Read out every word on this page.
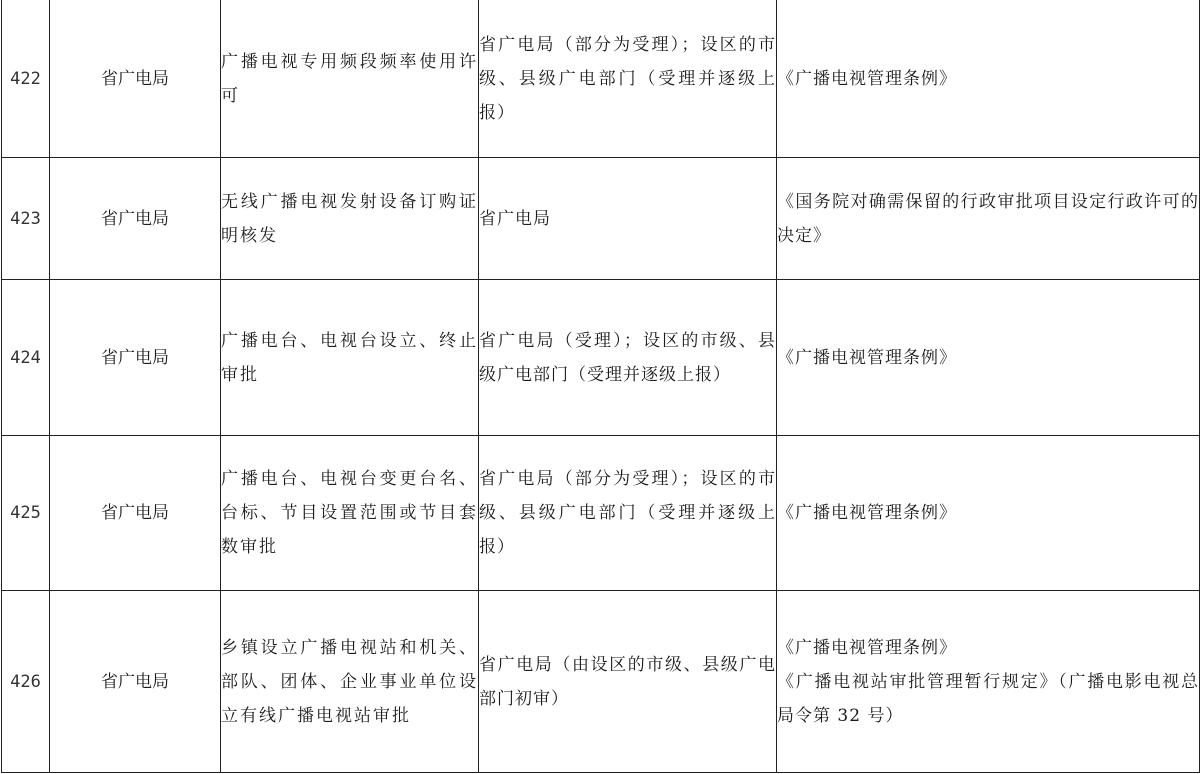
422	省广电局	广播电视专用频段频率使用许可	省广电局（部分为受理）；设区的市级、县级广电部门（受理并逐级上报）	《广播电视管理条例》

423	省广电局	无线广播电视发射设备订购证明核发	省广电局	《国务院对确需保留的行政审批项目设定行政许可的决定》

424	省广电局	广播电台、电视台设立、终止审批	省广电局（受理）；设区的市级、县级广电部门（受理并逐级上报）	《广播电视管理条例》

425	省广电局	广播电台、电视台变更台名、台标、节目设置范围或节目套数审批	省广电局（部分为受理）；设区的市级、县级广电部门（受理并逐级上报）	《广播电视管理条例》

426	省广电局	乡镇设立广播电视站和机关、部队、团体、企业事业单位设立有线广播电视站审批	省广电局（由设区的市级、县级广电部门初审）	《广播电视管理条例》
《广播电视站审批管理暂行规定》（广播电影电视总局令第 32 号）
